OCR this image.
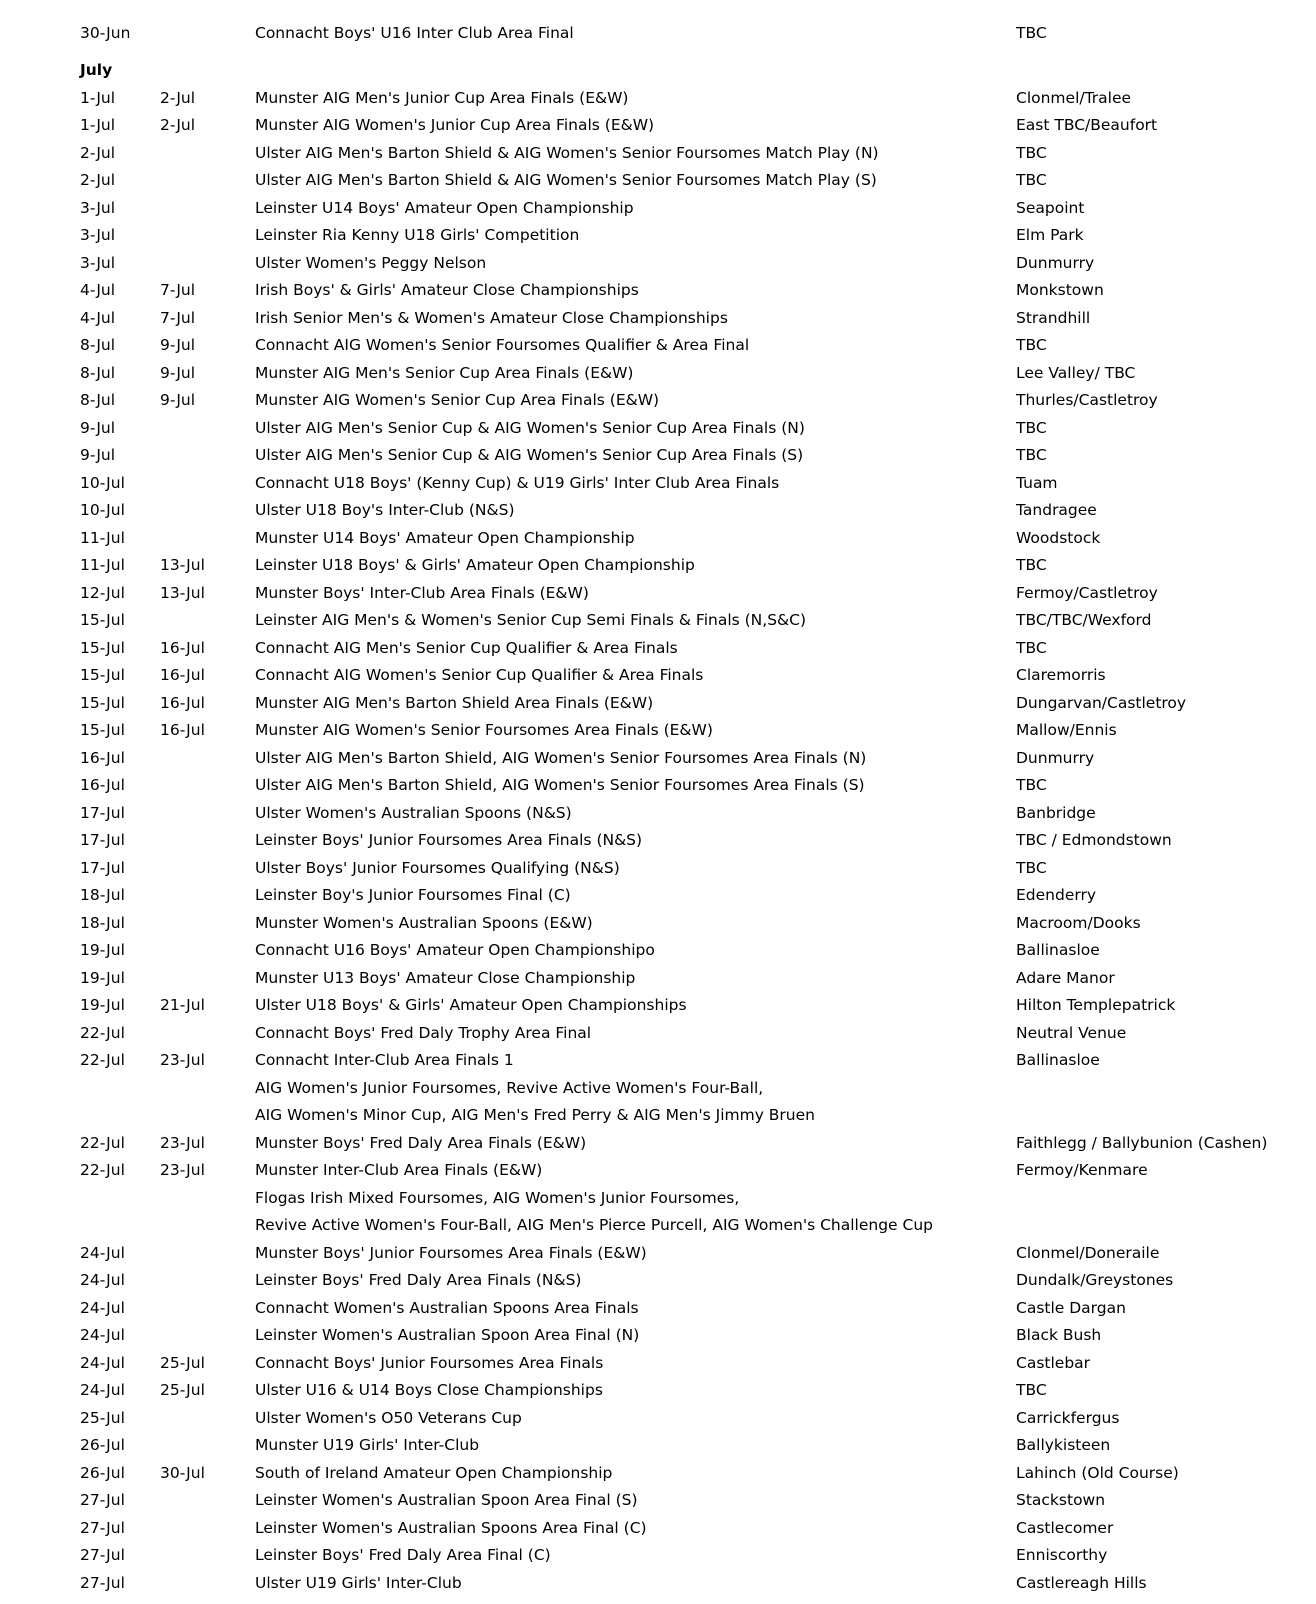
30-Jun	Connacht Boys' U16 Inter Club Area Final	TBC
July
1-Jul	2-Jul	Munster AIG Men's Junior Cup Area Finals (E&W)	Clonmel/Tralee
1-Jul	2-Jul	Munster AIG Women's Junior Cup Area Finals (E&W)	East TBC/Beaufort
2-Jul	Ulster AIG Men's Barton Shield & AIG Women's Senior Foursomes Match Play (N)	TBC
2-Jul	Ulster AIG Men's Barton Shield & AIG Women's Senior Foursomes Match Play (S)	TBC
3-Jul	Leinster U14 Boys' Amateur Open Championship	Seapoint
3-Jul	Leinster Ria Kenny U18 Girls' Competition	Elm Park
3-Jul	Ulster Women's Peggy Nelson	Dunmurry
4-Jul	7-Jul	Irish Boys' & Girls' Amateur Close Championships	Monkstown
4-Jul	7-Jul	Irish Senior Men's & Women's Amateur Close Championships	Strandhill
8-Jul	9-Jul	Connacht AIG Women's Senior Foursomes Qualifier & Area Final	TBC
8-Jul	9-Jul	Munster AIG Men's Senior Cup Area Finals (E&W)	Lee Valley/ TBC
8-Jul	9-Jul	Munster AIG Women's Senior Cup Area Finals (E&W)	Thurles/Castletroy
9-Jul	Ulster AIG Men's Senior Cup & AIG Women's Senior Cup Area Finals (N)	TBC
9-Jul	Ulster AIG Men's Senior Cup & AIG Women's Senior Cup Area Finals (S)	TBC
10-Jul	Connacht U18 Boys' (Kenny Cup) & U19 Girls' Inter Club Area Finals	Tuam
10-Jul	Ulster U18 Boy's Inter-Club (N&S)	Tandragee
11-Jul	Munster U14 Boys' Amateur Open Championship	Woodstock
11-Jul	13-Jul	Leinster U18 Boys' & Girls' Amateur Open Championship	TBC
12-Jul	13-Jul	Munster Boys' Inter-Club Area Finals (E&W)	Fermoy/Castletroy
15-Jul	Leinster AIG Men's & Women's Senior Cup Semi Finals & Finals (N,S&C)	TBC/TBC/Wexford
15-Jul	16-Jul	Connacht AIG Men's Senior Cup Qualifier & Area Finals	TBC
15-Jul	16-Jul	Connacht AIG Women's Senior Cup Qualifier & Area Finals	Claremorris
15-Jul	16-Jul	Munster AIG Men's Barton Shield Area Finals (E&W)	Dungarvan/Castletroy
15-Jul	16-Jul	Munster AIG Women's Senior Foursomes Area Finals (E&W)	Mallow/Ennis
16-Jul	Ulster AIG Men's Barton Shield, AIG Women's Senior Foursomes Area Finals (N)	Dunmurry
16-Jul	Ulster AIG Men's Barton Shield, AIG Women's Senior Foursomes Area Finals (S)	TBC
17-Jul	Ulster Women's Australian Spoons (N&S)	Banbridge
17-Jul	Leinster Boys' Junior Foursomes Area Finals (N&S)	TBC / Edmondstown
17-Jul	Ulster Boys' Junior Foursomes Qualifying (N&S)	TBC
18-Jul	Leinster Boy's Junior Foursomes Final (C)	Edenderry
18-Jul	Munster Women's Australian Spoons (E&W)	Macroom/Dooks
19-Jul	Connacht U16 Boys' Amateur Open Championshipo	Ballinasloe
19-Jul	Munster U13 Boys' Amateur Close Championship	Adare Manor
19-Jul	21-Jul	Ulster U18 Boys' & Girls' Amateur Open Championships	Hilton Templepatrick
22-Jul	Connacht Boys' Fred Daly Trophy Area Final	Neutral Venue
22-Jul	23-Jul	Connacht Inter-Club Area Finals 1	Ballinasloe
AIG Women's Junior Foursomes, Revive Active Women's Four-Ball,
AIG Women's Minor Cup, AIG Men's Fred Perry & AIG Men's Jimmy Bruen
22-Jul	23-Jul	Munster Boys' Fred Daly Area Finals (E&W)	Faithlegg / Ballybunion (Cashen)
22-Jul	23-Jul	Munster Inter-Club Area Finals (E&W)	Fermoy/Kenmare
Flogas Irish Mixed Foursomes, AIG Women's Junior Foursomes,
Revive Active Women's Four-Ball, AIG Men's Pierce Purcell, AIG Women's Challenge Cup
24-Jul	Munster Boys' Junior Foursomes Area Finals (E&W)	Clonmel/Doneraile
24-Jul	Leinster Boys' Fred Daly Area Finals (N&S)	Dundalk/Greystones
24-Jul	Connacht Women's Australian Spoons Area Finals	Castle Dargan
24-Jul	Leinster Women's Australian Spoon Area Final (N)	Black Bush
24-Jul	25-Jul	Connacht Boys' Junior Foursomes Area Finals	Castlebar
24-Jul	25-Jul	Ulster U16 & U14 Boys Close Championships	TBC
25-Jul	Ulster Women's O50 Veterans Cup	Carrickfergus
26-Jul	Munster U19 Girls' Inter-Club	Ballykisteen
26-Jul	30-Jul	South of Ireland Amateur Open Championship	Lahinch (Old Course)
27-Jul	Leinster Women's Australian Spoon Area Final (S)	Stackstown
27-Jul	Leinster Women's Australian Spoons Area Final (C)	Castlecomer
27-Jul	Leinster Boys' Fred Daly Area Final (C)	Enniscorthy
27-Jul	Ulster U19 Girls' Inter-Club	Castlereagh Hills
